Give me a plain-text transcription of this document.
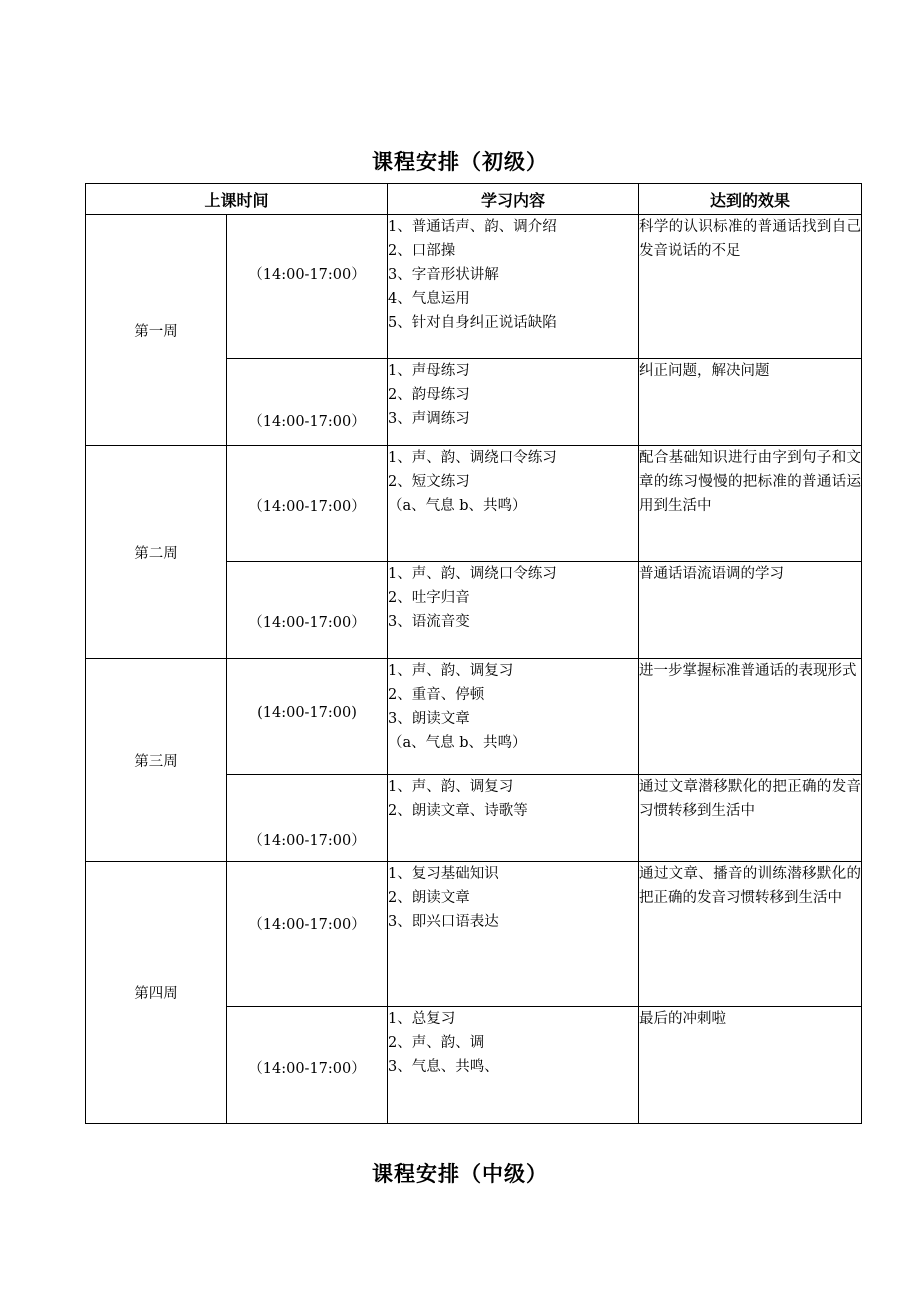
课程安排（初级）
上课时间		学习内容	达到的效果
第一周	（14:00-17:00）	1、普通话声、韵、调介绍
2、口部操
3、字音形状讲解
4、气息运用
5、针对自身纠正说话缺陷	科学的认识标准的普通话找到自己发音说话的不足

	（14:00-17:00）	1、声母练习
2、韵母练习
3、声调练习	纠正问题，解决问题

第二周	（14:00-17:00）	1、声、韵、调绕口令练习
2、短文练习
（a、气息 b、共鸣）	配合基础知识进行由字到句子和文章的练习慢慢的把标准的普通话运用到生活中

	（14:00-17:00）	1、声、韵、调绕口令练习
2、吐字归音
3、语流音变	普通话语流语调的学习

第三周	(14:00-17:00)	1、声、韵、调复习
2、重音、停顿
3、朗读文章
（a、气息 b、共鸣）	进一步掌握标准普通话的表现形式

	（14:00-17:00）	1、声、韵、调复习
2、朗读文章、诗歌等	通过文章潜移默化的把正确的发音习惯转移到生活中

第四周	（14:00-17:00）	1、复习基础知识
2、朗读文章
3、即兴口语表达	通过文章、播音的训练潜移默化的把正确的发音习惯转移到生活中

	（14:00-17:00）	1、总复习
2、声、韵、调
3、气息、共鸣、	最后的冲刺啦
课程安排（中级）
